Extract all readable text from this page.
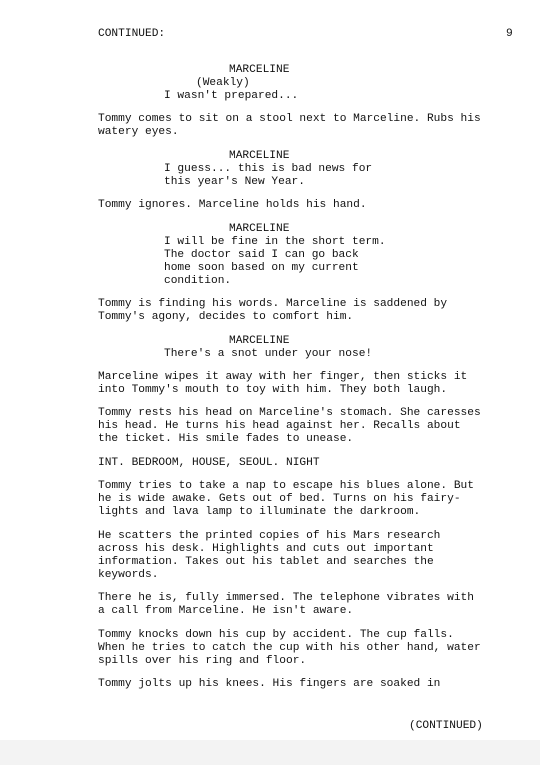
CONTINUED:	9
MARCELINE
(Weakly)
I wasn't prepared...
Tommy comes to sit on a stool next to Marceline. Rubs his
watery eyes.
MARCELINE
I guess... this is bad news for
this year's New Year.
Tommy ignores. Marceline holds his hand.
MARCELINE
I will be fine in the short term.
The doctor said I can go back
home soon based on my current
condition.
Tommy is finding his words. Marceline is saddened by
Tommy's agony, decides to comfort him.
MARCELINE
There's a snot under your nose!
Marceline wipes it away with her finger, then sticks it
into Tommy's mouth to toy with him. They both laugh.
Tommy rests his head on Marceline's stomach. She caresses
his head. He turns his head against her. Recalls about
the ticket. His smile fades to unease.
INT. BEDROOM, HOUSE, SEOUL. NIGHT
Tommy tries to take a nap to escape his blues alone. But
he is wide awake. Gets out of bed. Turns on his fairy-
lights and lava lamp to illuminate the darkroom.
He scatters the printed copies of his Mars research
across his desk. Highlights and cuts out important
information. Takes out his tablet and searches the
keywords.
There he is, fully immersed. The telephone vibrates with
a call from Marceline. He isn't aware.
Tommy knocks down his cup by accident. The cup falls.
When he tries to catch the cup with his other hand, water
spills over his ring and floor.
Tommy jolts up his knees. His fingers are soaked in
(CONTINUED)
